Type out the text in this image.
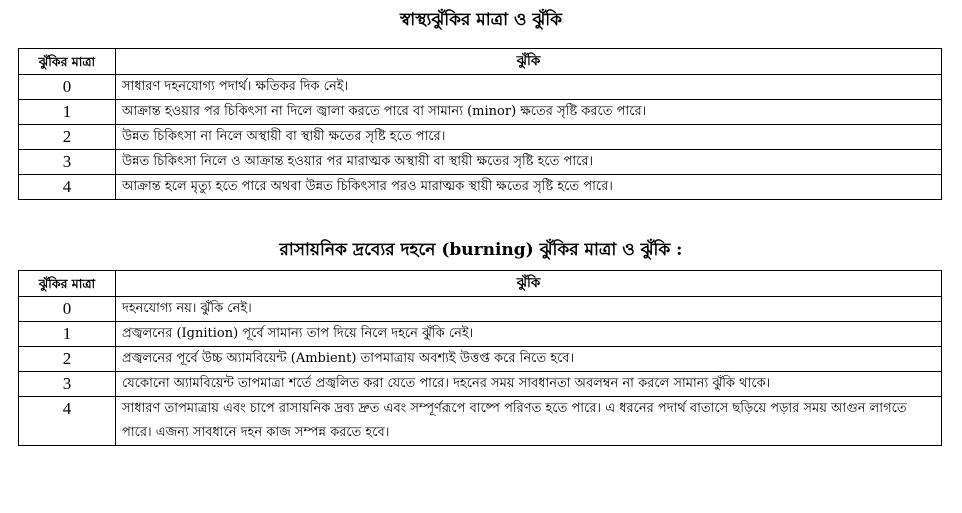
স্বাস্থ্যঝুঁকির মাত্রা ও ঝুঁকি
ঝুঁকির মাত্রা	ঝুঁকি
0	সাধারণ দহনযোগ্য পদার্থ। ক্ষতিকর দিক নেই।
1	আক্রান্ত হওয়ার পর চিকিৎসা না দিলে জ্বালা করতে পারে বা সামান্য (minor) ক্ষতের সৃষ্টি করতে পারে।
2	উন্নত চিকিৎসা না নিলে অস্থায়ী বা স্থায়ী ক্ষতের সৃষ্টি হতে পারে।
3	উন্নত চিকিৎসা নিলে ও আক্রান্ত হওয়ার পর মারাত্মক অস্থায়ী বা স্থায়ী ক্ষতের সৃষ্টি হতে পারে।
4	আক্রান্ত হলে মৃত্যু হতে পারে অথবা উন্নত চিকিৎসার পরও মারাত্মক স্থায়ী ক্ষতের সৃষ্টি হতে পারে।
রাসায়নিক দ্রব্যের দহনে (burning) ঝুঁকির মাত্রা ও ঝুঁকি :
ঝুঁকির মাত্রা	ঝুঁকি
0	দহনযোগ্য নয়। ঝুঁকি নেই।
1	প্রজ্বলনের (Ignition) পূর্বে সামান্য তাপ দিয়ে নিলে দহনে ঝুঁকি নেই।
2	প্রজ্বলনের পূর্বে উচ্চ অ্যামবিয়েন্ট (Ambient) তাপমাত্রায় অবশ্যই উত্তপ্ত করে নিতে হবে।
3	যেকোনো অ্যামবিয়েন্ট তাপমাত্রা শর্তে প্রজ্বলিত করা যেতে পারে। দহনের সময় সাবধানতা অবলম্বন না করলে সামান্য ঝুঁকি থাকে।
4	সাধারণ তাপমাত্রায় এবং চাপে রাসায়নিক দ্রব্য দ্রুত এবং সম্পূর্ণরূপে বাষ্পে পরিণত হতে পারে। এ ধরনের পদার্থ বাতাসে ছড়িয়ে পড়ার সময় আগুন লাগতে পারে। এজন্য সাবধানে দহন কাজ সম্পন্ন করতে হবে।
